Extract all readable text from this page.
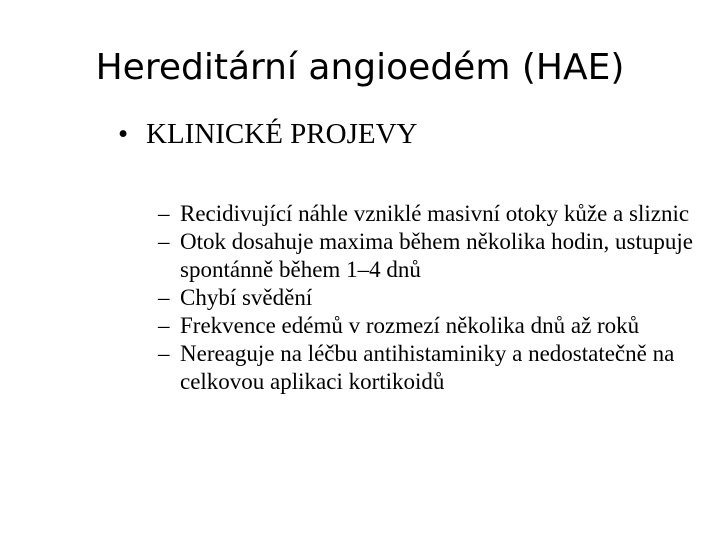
Hereditární angioedém (HAE)
• KLINICKÉ PROJEVY
– Recidivující náhle vzniklé masivní otoky kůže a sliznic
– Otok dosahuje maxima během několika hodin, ustupuje spontánně během 1–4 dnů
– Chybí svědění
– Frekvence edémů v rozmezí několika dnů až roků
– Nereaguje na léčbu antihistaminiky a nedostatečně na celkovou aplikaci kortikoidů
